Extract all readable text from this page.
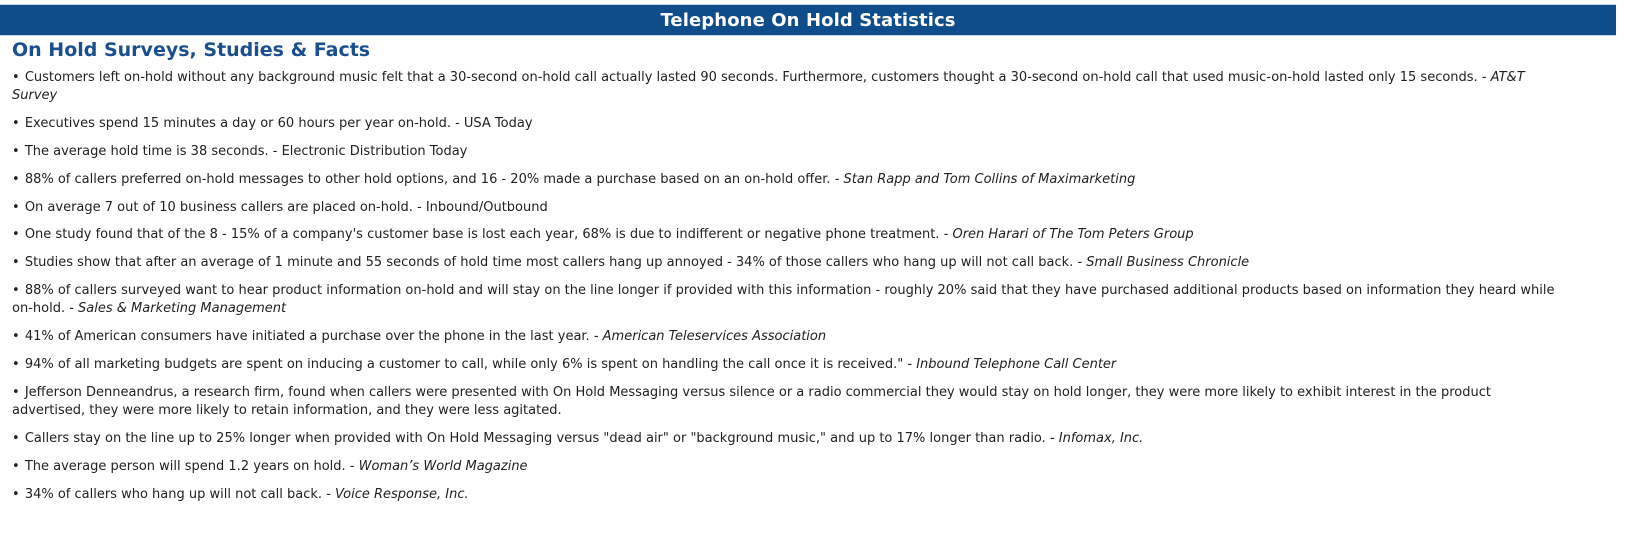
Telephone On Hold Statistics
On Hold Surveys, Studies & Facts
• Customers left on-hold without any background music felt that a 30-second on-hold call actually lasted 90 seconds. Furthermore, customers thought a 30-second on-hold call that used music-on-hold lasted only 15 seconds. - AT&T Survey
• Executives spend 15 minutes a day or 60 hours per year on-hold. - USA Today
• The average hold time is 38 seconds. - Electronic Distribution Today
• 88% of callers preferred on-hold messages to other hold options, and 16 - 20% made a purchase based on an on-hold offer. - Stan Rapp and Tom Collins of Maximarketing
• On average 7 out of 10 business callers are placed on-hold. - Inbound/Outbound
• One study found that of the 8 - 15% of a company's customer base is lost each year, 68% is due to indifferent or negative phone treatment. - Oren Harari of The Tom Peters Group
• Studies show that after an average of 1 minute and 55 seconds of hold time most callers hang up annoyed - 34% of those callers who hang up will not call back. - Small Business Chronicle
• 88% of callers surveyed want to hear product information on-hold and will stay on the line longer if provided with this information - roughly 20% said that they have purchased additional products based on information they heard while on-hold. - Sales & Marketing Management
• 41% of American consumers have initiated a purchase over the phone in the last year. - American Teleservices Association
• 94% of all marketing budgets are spent on inducing a customer to call, while only 6% is spent on handling the call once it is received." - Inbound Telephone Call Center
• Jefferson Denneandrus, a research firm, found when callers were presented with On Hold Messaging versus silence or a radio commercial they would stay on hold longer, they were more likely to exhibit interest in the product advertised, they were more likely to retain information, and they were less agitated.
• Callers stay on the line up to 25% longer when provided with On Hold Messaging versus "dead air" or "background music," and up to 17% longer than radio. - Infomax, Inc.
• The average person will spend 1.2 years on hold. - Woman’s World Magazine
• 34% of callers who hang up will not call back. - Voice Response, Inc.
